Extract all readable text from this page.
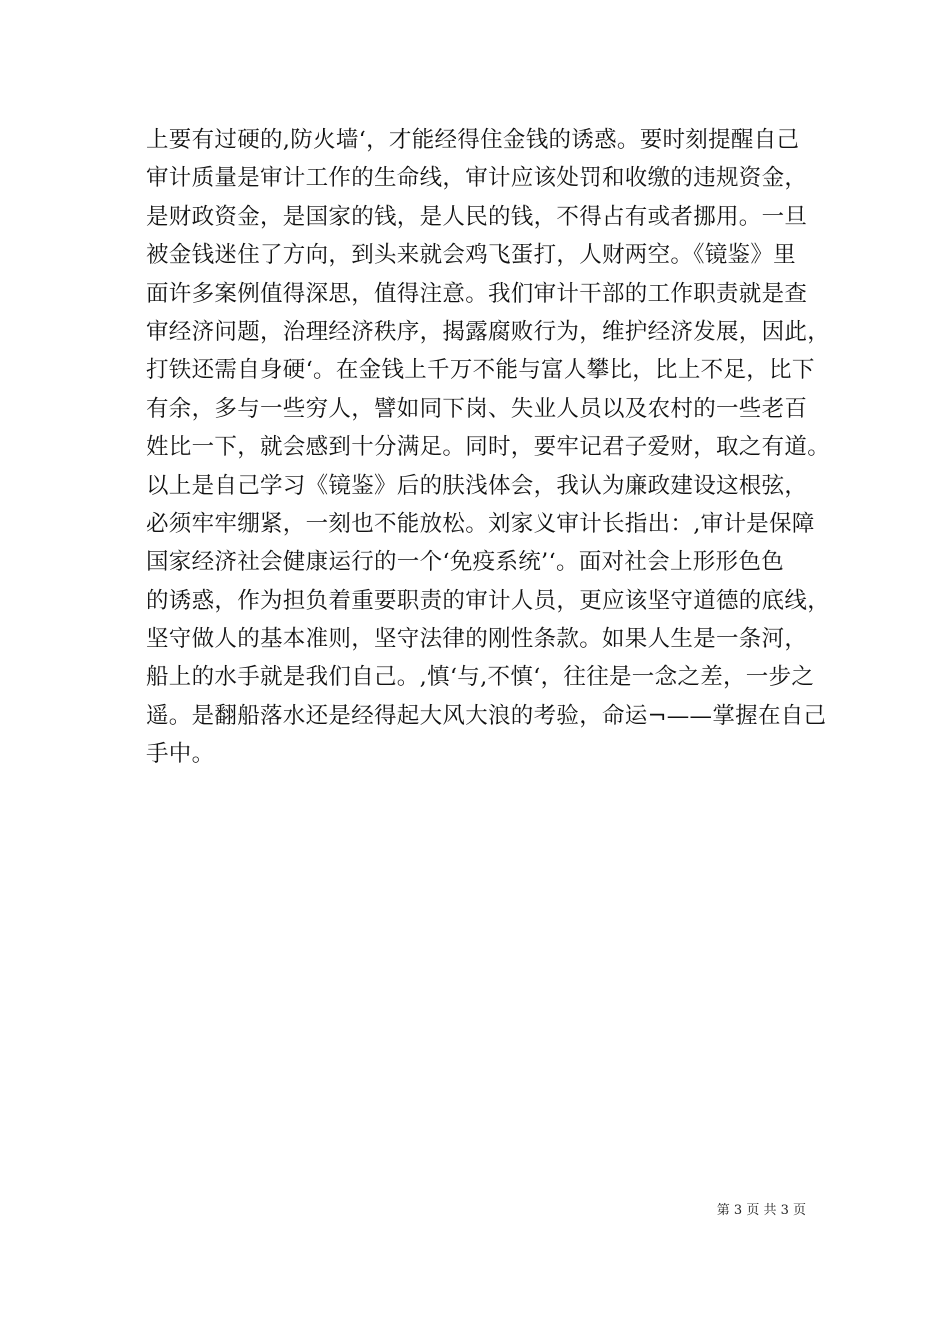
上要有过硬的,防火墙‘，才能经得住金钱的诱惑。要时刻提醒自己
审计质量是审计工作的生命线，审计应该处罚和收缴的违规资金，
是财政资金，是国家的钱，是人民的钱，不得占有或者挪用。一旦
被金钱迷住了方向，到头来就会鸡飞蛋打，人财两空。《镜鉴》里
面许多案例值得深思，值得注意。我们审计干部的工作职责就是查
审经济问题，治理经济秩序，揭露腐败行为，维护经济发展，因此，
打铁还需自身硬‘。在金钱上千万不能与富人攀比，比上不足，比下
有余，多与一些穷人，譬如同下岗、失业人员以及农村的一些老百
姓比一下，就会感到十分满足。同时，要牢记君子爱财，取之有道。
以上是自己学习《镜鉴》后的肤浅体会，我认为廉政建设这根弦，
必须牢牢绷紧，一刻也不能放松。刘家义审计长指出：,审计是保障
国家经济社会健康运行的一个‘免疫系统’‘。面对社会上形形色色
的诱惑，作为担负着重要职责的审计人员，更应该坚守道德的底线，
坚守做人的基本准则，坚守法律的刚性条款。如果人生是一条河，
船上的水手就是我们自己。,慎‘与,不慎‘，往往是一念之差，一步之
遥。是翻船落水还是经得起大风大浪的考验，命运¬——掌握在自己
手中。
第 3 页 共 3 页
